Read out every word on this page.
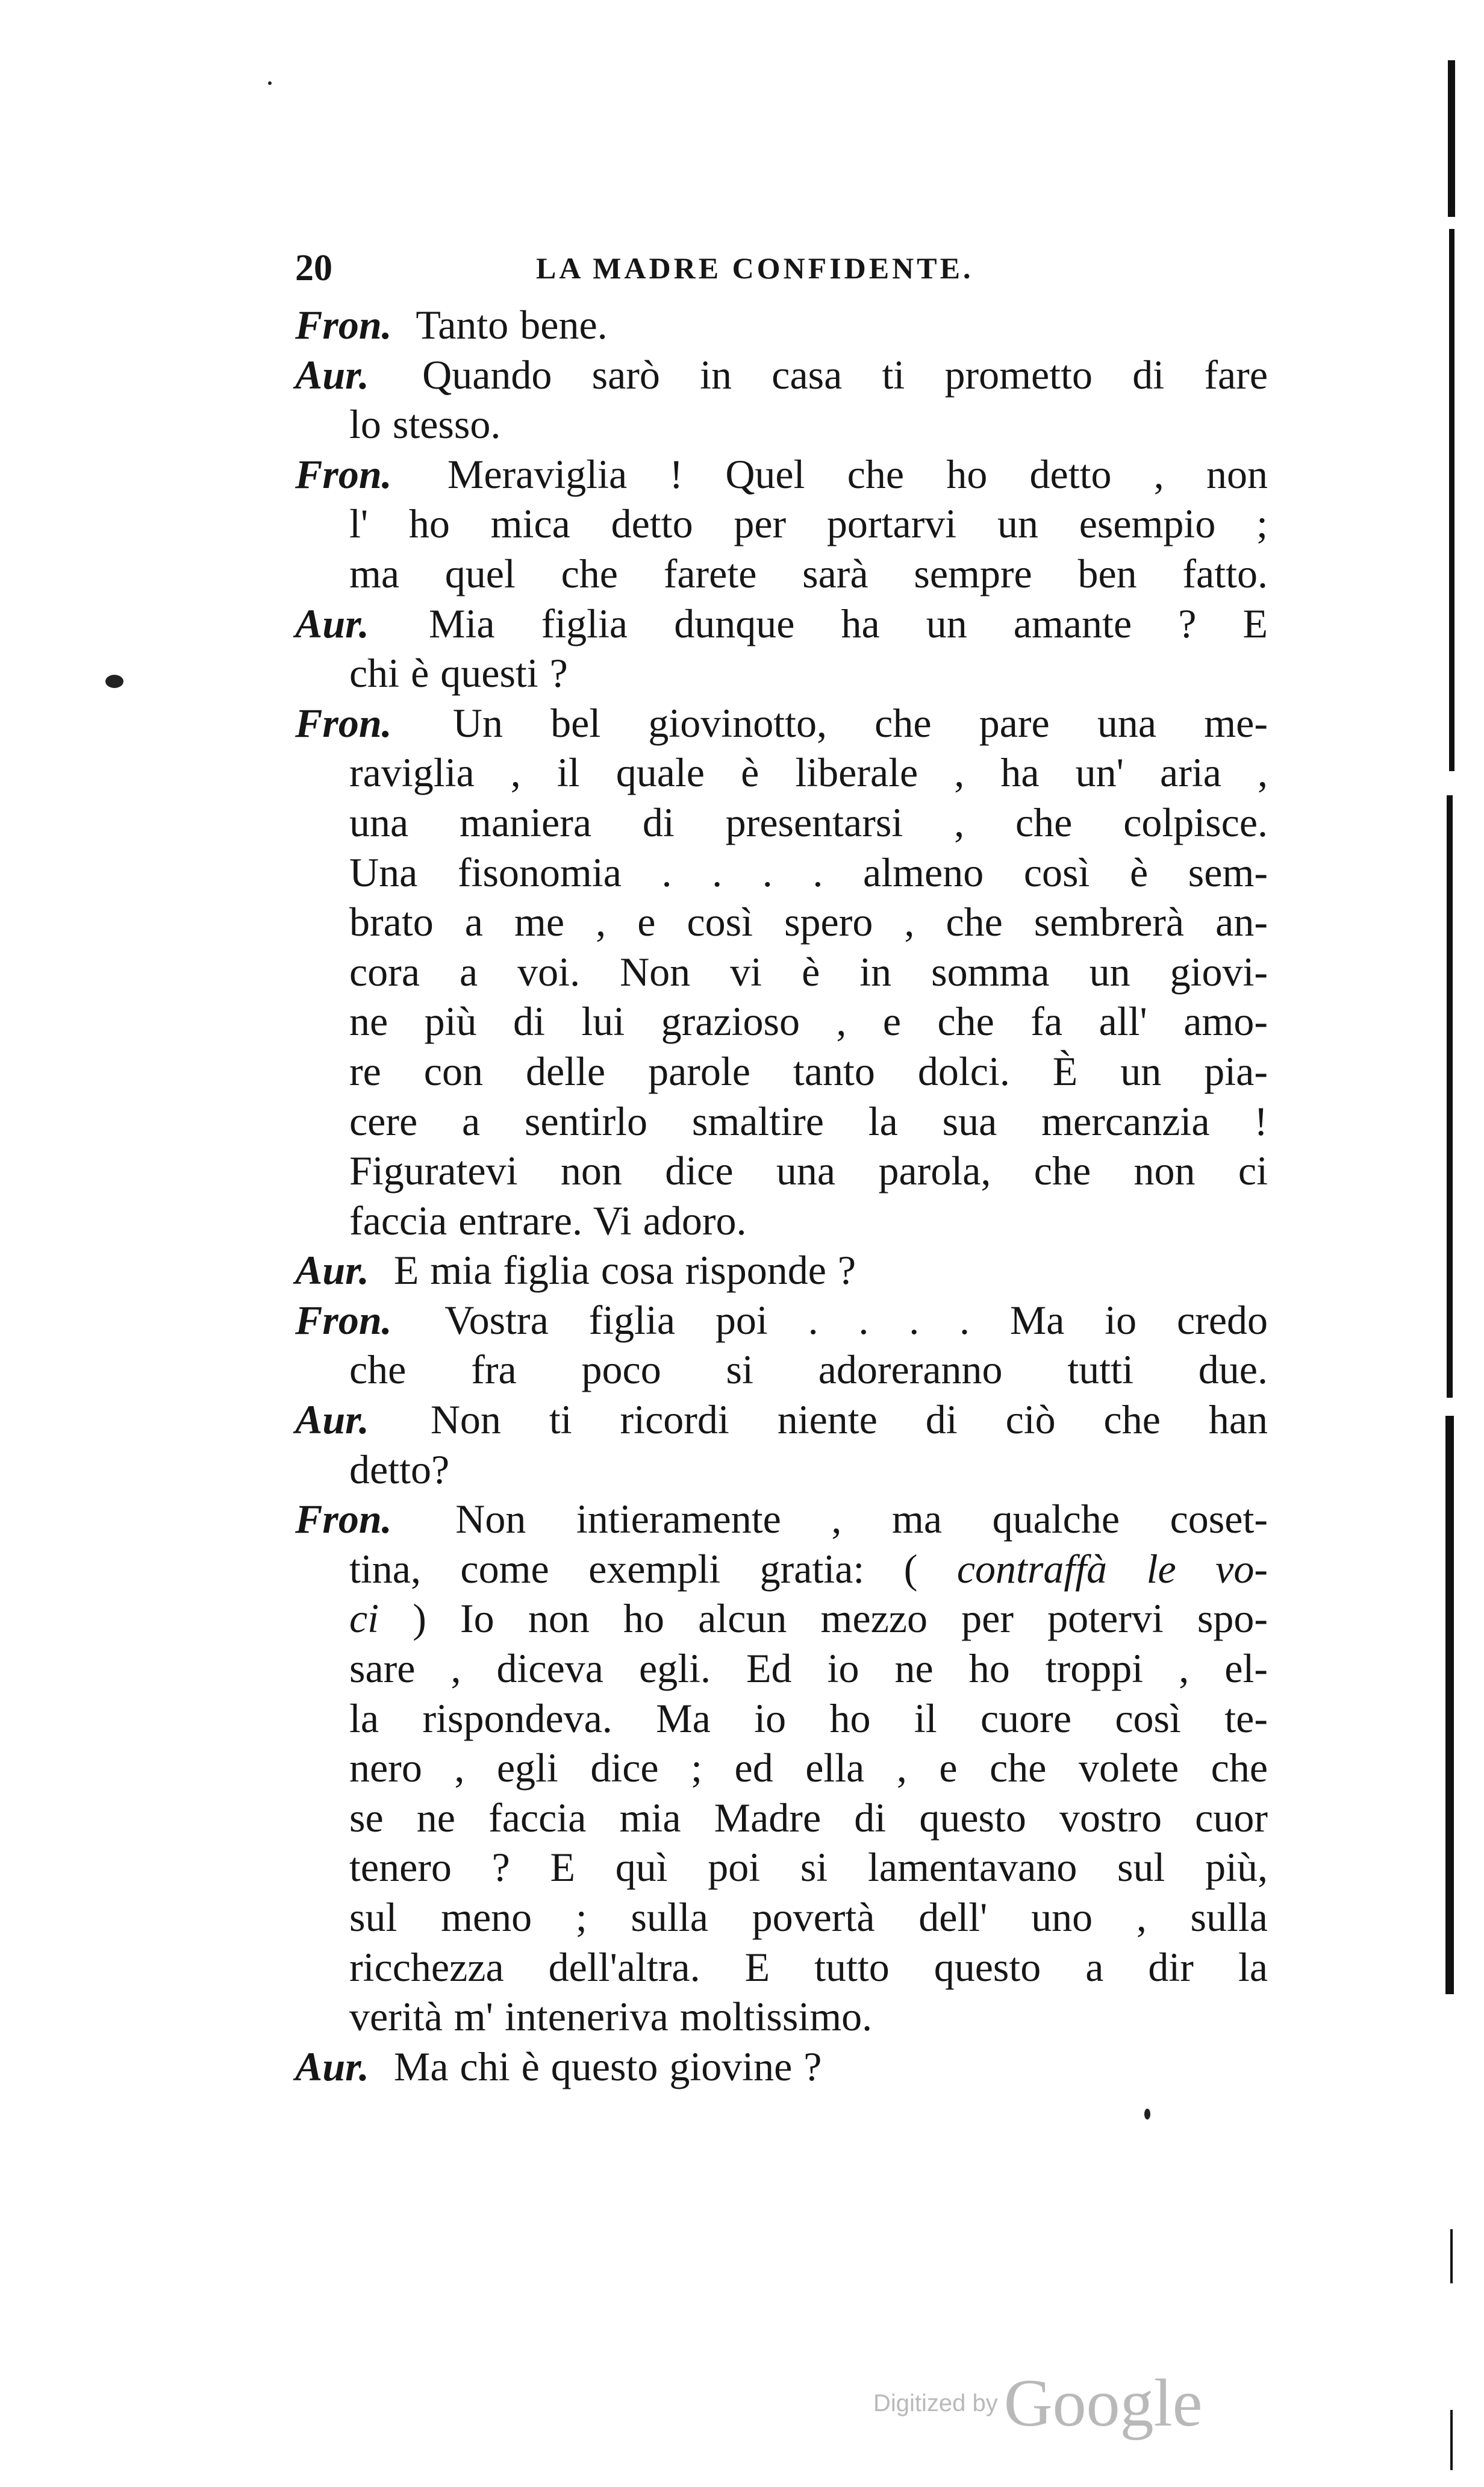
20	LA MADRE CONFIDENTE.
Fron. Tanto bene.
Aur. Quando sarò in casa ti prometto di fare
lo stesso.
Fron. Meraviglia ! Quel che ho detto , non
l' ho mica detto per portarvi un esempio ;
ma quel che farete sarà sempre ben fatto.
Aur. Mia figlia dunque ha un amante ? E
chi è questi ?
Fron. Un bel giovinotto, che pare una me-
raviglia , il quale è liberale , ha un' aria ,
una maniera di presentarsi , che colpisce.
Una fisonomia . . . . almeno così è sem-
brato a me , e così spero , che sembrerà an-
cora a voi. Non vi è in somma un giovi-
ne più di lui grazioso , e che fa all' amo-
re con delle parole tanto dolci. È un pia-
cere a sentirlo smaltire la sua mercanzia !
Figuratevi non dice una parola, che non ci
faccia entrare. Vi adoro.
Aur. E mia figlia cosa risponde ?
Fron. Vostra figlia poi . . . . Ma io credo
che fra poco si adoreranno tutti due.
Aur. Non ti ricordi niente di ciò che han
detto?
Fron. Non intieramente , ma qualche coset-
tina, come exempli gratia: ( contraffà le vo-
ci ) Io non ho alcun mezzo per potervi spo-
sare , diceva egli. Ed io ne ho troppi , el-
la rispondeva. Ma io ho il cuore così te-
nero , egli dice ; ed ella , e che volete che
se ne faccia mia Madre di questo vostro cuor
tenero ? E quì poi si lamentavano sul più,
sul meno ; sulla povertà dell' uno , sulla
ricchezza dell'altra. E tutto questo a dir la
verità m' inteneriva moltissimo.
Aur. Ma chi è questo giovine ?
Digitized by Google
